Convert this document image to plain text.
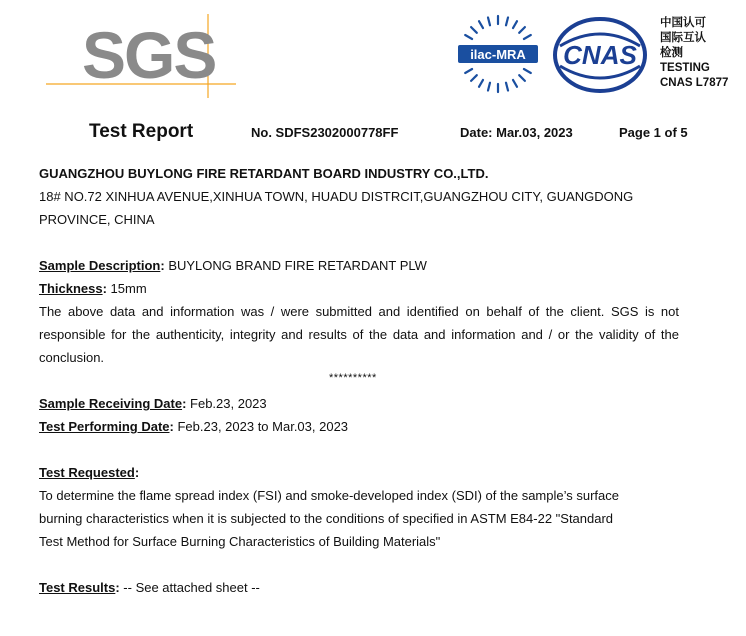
SGS	ilac-MRA CNAS
中国认可
国际互认
检测
TESTING
CNAS L7877
Test Report	No. SDFS2302000778FF	Date: Mar.03, 2023	Page 1 of 5
GUANGZHOU BUYLONG FIRE RETARDANT BOARD INDUSTRY CO.,LTD.
18# NO.72 XINHUA AVENUE,XINHUA TOWN, HUADU DISTRCIT,GUANGZHOU CITY, GUANGDONG
PROVINCE, CHINA
Sample Description: BUYLONG BRAND FIRE RETARDANT PLW
Thickness: 15mm
The above data and information was / were submitted and identified on behalf of the client. SGS is not
responsible for the authenticity, integrity and results of the data and information and / or the validity of the
conclusion.
**********
Sample Receiving Date: Feb.23, 2023
Test Performing Date: Feb.23, 2023 to Mar.03, 2023
Test Requested:
To determine the flame spread index (FSI) and smoke-developed index (SDI) of the sample’s surface
burning characteristics when it is subjected to the conditions of specified in ASTM E84-22 "Standard
Test Method for Surface Burning Characteristics of Building Materials"
Test Results: -- See attached sheet --
